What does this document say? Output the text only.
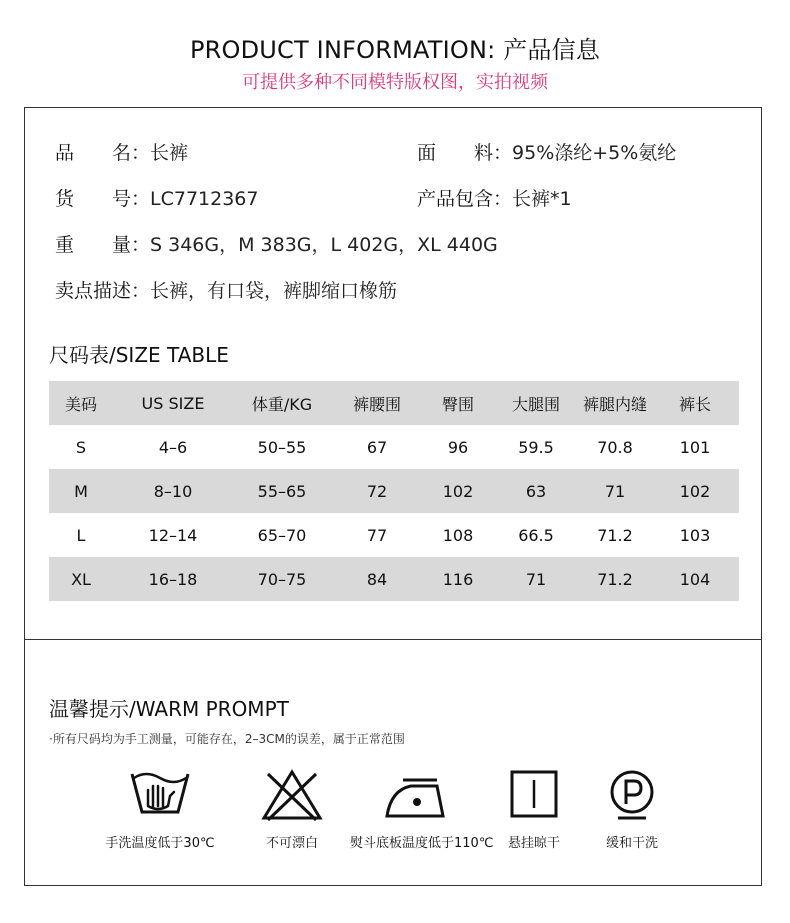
PRODUCT INFORMATION: 产品信息
可提供多种不同模特版权图，实拍视频
品　　名：长裤	面　　料：95%涤纶+5%氨纶
货　　号：LC7712367	产品包含：长裤*1
重　　量：S 346G，M 383G，L 402G，XL 440G
卖点描述：长裤，有口袋，裤脚缩口橡筋
尺码表/SIZE TABLE
美码	US SIZE	体重/KG	裤腰围	臀围	大腿围	裤腿内缝	裤长
S	4–6	50–55	67	96	59.5	70.8	101
M	8–10	55–65	72	102	63	71	102
L	12–14	65–70	77	108	66.5	71.2	103
XL	16–18	70–75	84	116	71	71.2	104
温馨提示/WARM PROMPT
·所有尺码均为手工测量，可能存在，2–3CM的误差，属于正常范围
手洗温度低于30℃	不可漂白	熨斗底板温度低于110℃	悬挂晾干	缓和干洗
